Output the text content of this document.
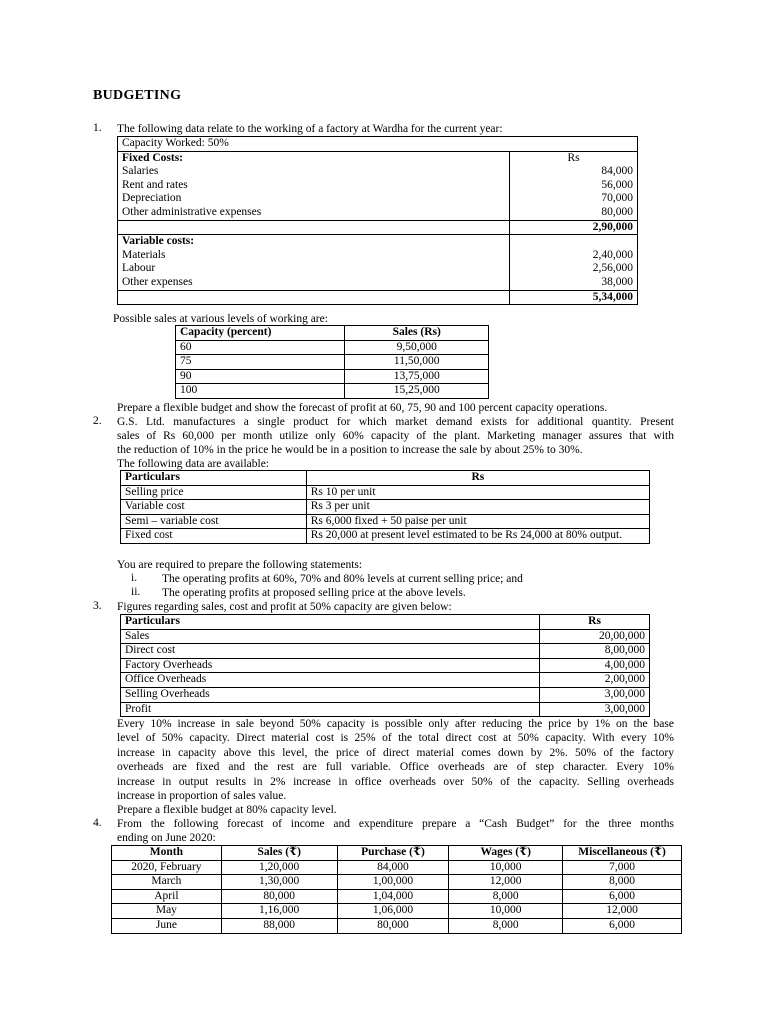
BUDGETING
1. The following data relate to the working of a factory at Wardha for the current year:
Capacity Worked: 50%	
Fixed Costs:	Rs
Salaries	84,000
Rent and rates	56,000
Depreciation	70,000
Other administrative expenses	80,000
	2,90,000
Variable costs:	
Materials	2,40,000
Labour	2,56,000
Other expenses	38,000
	5,34,000
Possible sales at various levels of working are:
Capacity (percent)	Sales (Rs)
60	9,50,000
75	11,50,000
90	13,75,000
100	15,25,000
Prepare a flexible budget and show the forecast of profit at 60, 75, 90 and 100 percent capacity operations.
2. G.S. Ltd. manufactures a single product for which market demand exists for additional quantity. Present
sales of Rs 60,000 per month utilize only 60% capacity of the plant. Marketing manager assures that with
the reduction of 10% in the price he would be in a position to increase the sale by about 25% to 30%.
The following data are available:
Particulars	Rs
Selling price	Rs 10 per unit
Variable cost	Rs 3 per unit
Semi – variable cost	Rs 6,000 fixed + 50 paise per unit
Fixed cost	Rs 20,000 at present level estimated to be Rs 24,000 at 80% output.
You are required to prepare the following statements:
i. The operating profits at 60%, 70% and 80% levels at current selling price; and
ii. The operating profits at proposed selling price at the above levels.
3. Figures regarding sales, cost and profit at 50% capacity are given below:
Particulars	Rs
Sales	20,00,000
Direct cost	8,00,000
Factory Overheads	4,00,000
Office Overheads	2,00,000
Selling Overheads	3,00,000
Profit	3,00,000
Every 10% increase in sale beyond 50% capacity is possible only after reducing the price by 1% on the base
level of 50% capacity. Direct material cost is 25% of the total direct cost at 50% capacity. With every 10%
increase in capacity above this level, the price of direct material comes down by 2%. 50% of the factory
overheads are fixed and the rest are full variable. Office overheads are of step character. Every 10%
increase in output results in 2% increase in office overheads over 50% of the capacity. Selling overheads
increase in proportion of sales value.
Prepare a flexible budget at 80% capacity level.
4. From the following forecast of income and expenditure prepare a “Cash Budget” for the three months
ending on June 2020:
Month	Sales (₹)	Purchase (₹)	Wages (₹)	Miscellaneous (₹)
2020, February	1,20,000	84,000	10,000	7,000
March	1,30,000	1,00,000	12,000	8,000
April	80,000	1,04,000	8,000	6,000
May	1,16,000	1,06,000	10,000	12,000
June	88,000	80,000	8,000	6,000
